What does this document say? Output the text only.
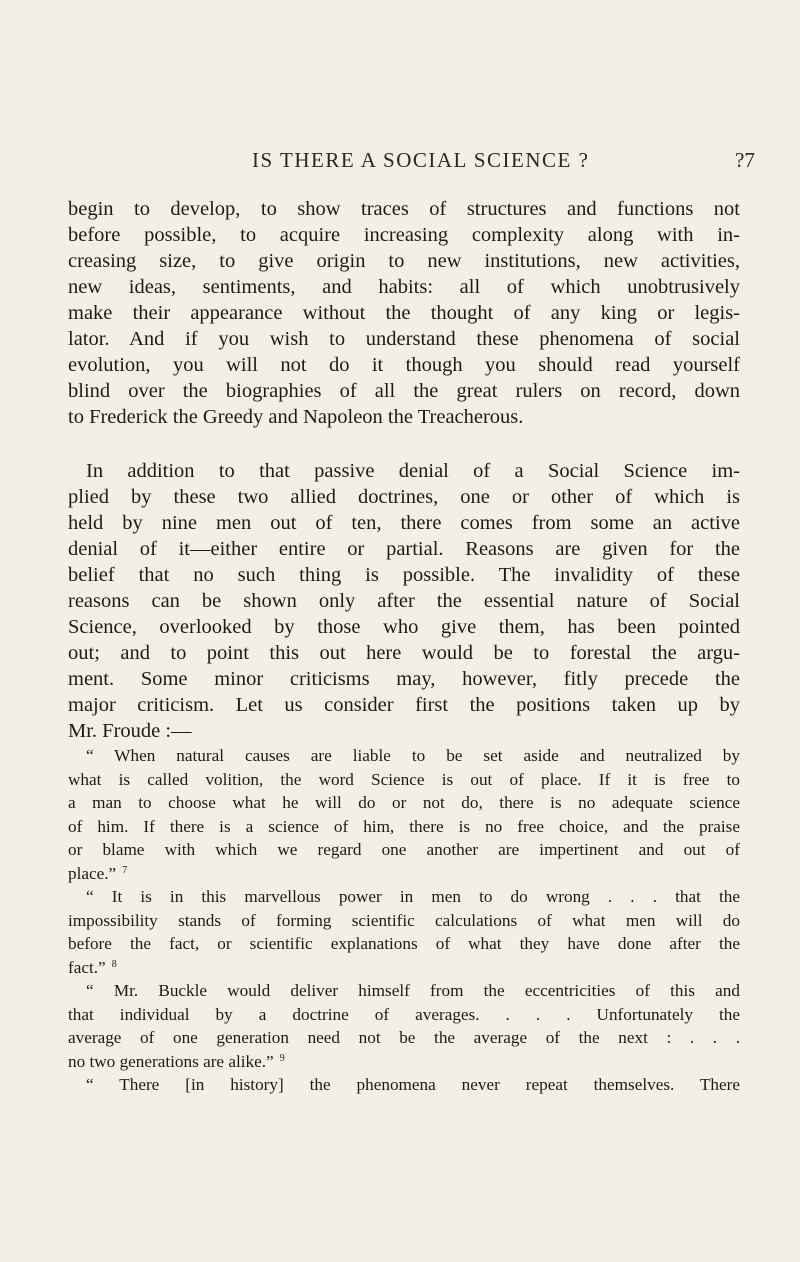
IS THERE A SOCIAL SCIENCE ?	?7
begin to develop, to show traces of structures and functions not
before possible, to acquire increasing complexity along with in-
creasing size, to give origin to new institutions, new activities,
new ideas, sentiments, and habits: all of which unobtrusively
make their appearance without the thought of any king or legis-
lator. And if you wish to understand these phenomena of social
evolution, you will not do it though you should read yourself
blind over the biographies of all the great rulers on record, down
to Frederick the Greedy and Napoleon the Treacherous.
In addition to that passive denial of a Social Science im-
plied by these two allied doctrines, one or other of which is
held by nine men out of ten, there comes from some an active
denial of it—either entire or partial. Reasons are given for the
belief that no such thing is possible. The invalidity of these
reasons can be shown only after the essential nature of Social
Science, overlooked by those who give them, has been pointed
out; and to point this out here would be to forestal the argu-
ment. Some minor criticisms may, however, fitly precede the
major criticism. Let us consider first the positions taken up by
Mr. Froude :—
“ When natural causes are liable to be set aside and neutralized by
what is called volition, the word Science is out of place. If it is free to
a man to choose what he will do or not do, there is no adequate science
of him. If there is a science of him, there is no free choice, and the praise
or blame with which we regard one another are impertinent and out of
place.” $^7$
“ It is in this marvellous power in men to do wrong . . . that the
impossibility stands of forming scientific calculations of what men will do
before the fact, or scientific explanations of what they have done after the
fact.” $^8$
“ Mr. Buckle would deliver himself from the eccentricities of this and
that individual by a doctrine of averages. . . . Unfortunately the
average of one generation need not be the average of the next : . . .
no two generations are alike.” $^9$
“ There [in history] the phenomena never repeat themselves. There
